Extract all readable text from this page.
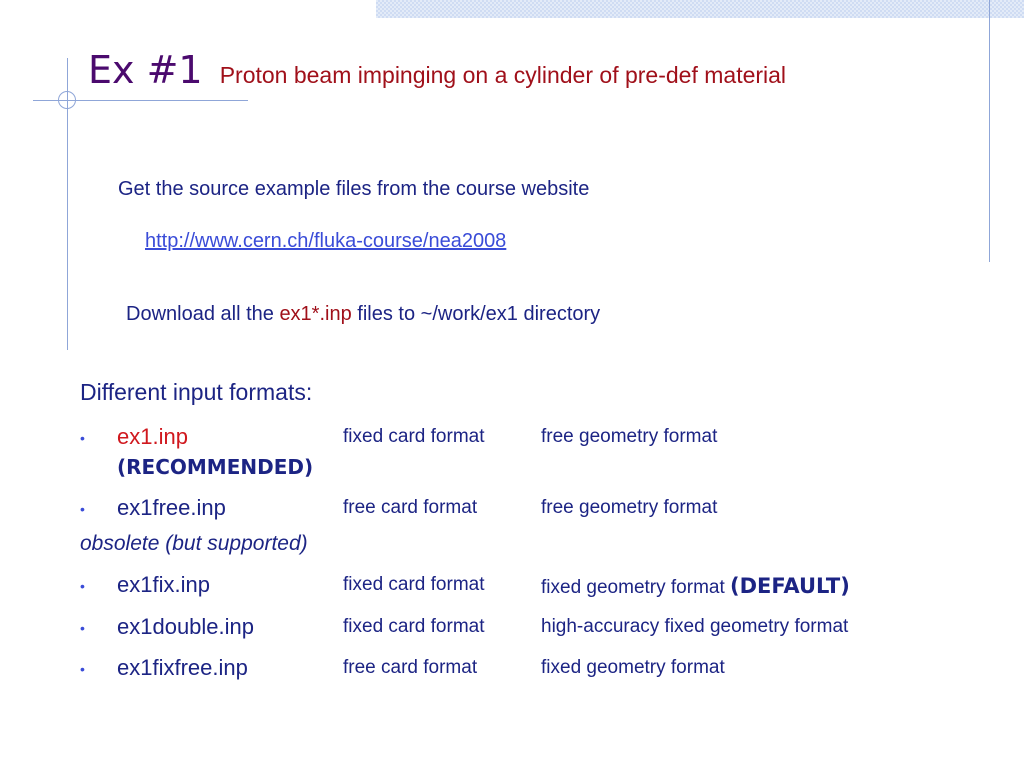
Ex #1 Proton beam impinging on a cylinder of pre-def material
Get the source example files from the course website
http://www.cern.ch/fluka-course/nea2008
Download all the ex1*.inp files to ~/work/ex1 directory
Different input formats:
• ex1.inp	fixed card format	free geometry format
(RECOMMENDED)
• ex1free.inp	free card format	free geometry format
obsolete (but supported)
• ex1fix.inp	fixed card format	fixed geometry format (DEFAULT)
• ex1double.inp	fixed card format	high-accuracy fixed geometry format
• ex1fixfree.inp	free card format	fixed geometry format
